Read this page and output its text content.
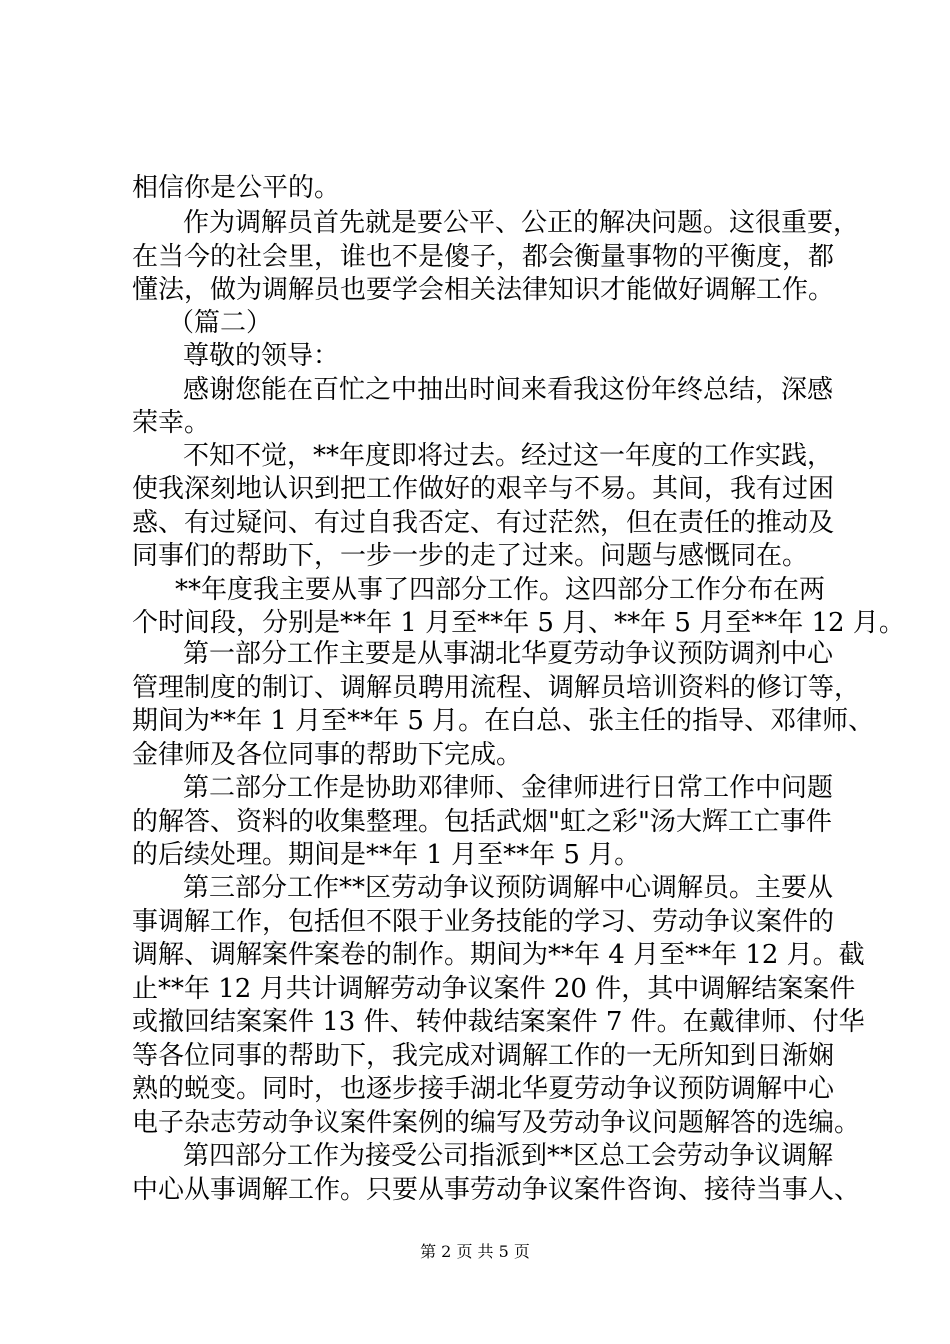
相信你是公平的。
作为调解员首先就是要公平、公正的解决问题。这很重要，
在当今的社会里，谁也不是傻子，都会衡量事物的平衡度，都
懂法，做为调解员也要学会相关法律知识才能做好调解工作。
（篇二）
尊敬的领导：
感谢您能在百忙之中抽出时间来看我这份年终总结，深感
荣幸。
不知不觉，**年度即将过去。经过这一年度的工作实践，
使我深刻地认识到把工作做好的艰辛与不易。其间，我有过困
惑、有过疑问、有过自我否定、有过茫然，但在责任的推动及
同事们的帮助下，一步一步的走了过来。问题与感慨同在。
**年度我主要从事了四部分工作。这四部分工作分布在两
个时间段，分别是**年 1 月至**年 5 月、**年 5 月至**年 12 月。
第一部分工作主要是从事湖北华夏劳动争议预防调剂中心
管理制度的制订、调解员聘用流程、调解员培训资料的修订等，
期间为**年 1 月至**年 5 月。在白总、张主任的指导、邓律师、
金律师及各位同事的帮助下完成。
第二部分工作是协助邓律师、金律师进行日常工作中问题
的解答、资料的收集整理。包括武烟"虹之彩"汤大辉工亡事件
的后续处理。期间是**年 1 月至**年 5 月。
第三部分工作**区劳动争议预防调解中心调解员。主要从
事调解工作，包括但不限于业务技能的学习、劳动争议案件的
调解、调解案件案卷的制作。期间为**年 4 月至**年 12 月。截
止**年 12 月共计调解劳动争议案件 20 件，其中调解结案案件
或撤回结案案件 13 件、转仲裁结案案件 7 件。在戴律师、付华
等各位同事的帮助下，我完成对调解工作的一无所知到日渐娴
熟的蜕变。同时，也逐步接手湖北华夏劳动争议预防调解中心
电子杂志劳动争议案件案例的编写及劳动争议问题解答的选编。
第四部分工作为接受公司指派到**区总工会劳动争议调解
中心从事调解工作。只要从事劳动争议案件咨询、接待当事人、
第 2 页 共 5 页
